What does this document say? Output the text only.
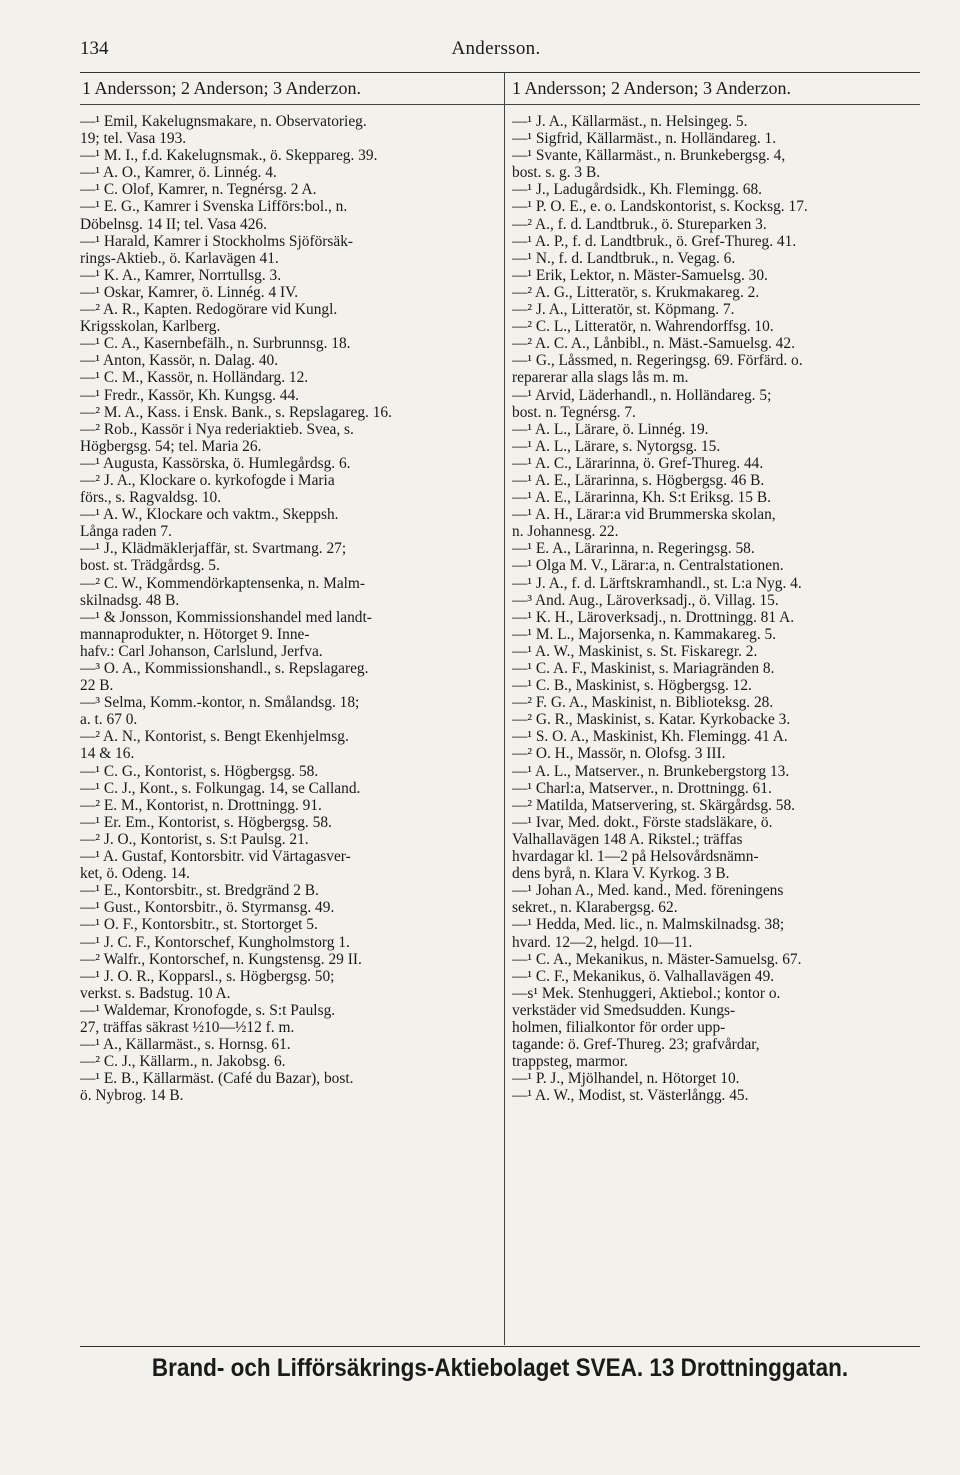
134	Andersson.
1 Andersson; 2 Anderson; 3 Anderzon.	1 Andersson; 2 Anderson; 3 Anderzon.
—¹ Emil, Kakelugnsmakare, n. Observatorieg.
19; tel. Vasa 193.
—¹ M. I., f.d. Kakelugnsmak., ö. Skeppareg. 39.
—¹ A. O., Kamrer, ö. Linnég. 4.
—¹ C. Olof, Kamrer, n. Tegnérsg. 2 A.
—¹ E. G., Kamrer i Svenska Lifförs:bol., n.
Döbelnsg. 14 II; tel. Vasa 426.
—¹ Harald, Kamrer i Stockholms Sjöförsäk-
rings-Aktieb., ö. Karlavägen 41.
—¹ K. A., Kamrer, Norrtullsg. 3.
—¹ Oskar, Kamrer, ö. Linnég. 4 IV.
—² A. R., Kapten. Redogörare vid Kungl.
Krigsskolan, Karlberg.
—¹ C. A., Kasernbefälh., n. Surbrunnsg. 18.
—¹ Anton, Kassör, n. Dalag. 40.
—¹ C. M., Kassör, n. Holländarg. 12.
—¹ Fredr., Kassör, Kh. Kungsg. 44.
—² M. A., Kass. i Ensk. Bank., s. Repslagareg. 16.
—² Rob., Kassör i Nya rederiaktieb. Svea, s.
Högbergsg. 54; tel. Maria 26.
—¹ Augusta, Kassörska, ö. Humlegårdsg. 6.
—² J. A., Klockare o. kyrkofogde i Maria
förs., s. Ragvaldsg. 10.
—¹ A. W., Klockare och vaktm., Skeppsh.
Långa raden 7.
—¹ J., Klädmäklerjaffär, st. Svartmang. 27;
bost. st. Trädgårdsg. 5.
—² C. W., Kommendörkaptensenka, n. Malm-
skilnadsg. 48 B.
—¹ & Jonsson, Kommissionshandel med landt-
mannaprodukter, n. Hötorget 9. Inne-
hafv.: Carl Johanson, Carlslund, Jerfva.
—³ O. A., Kommissionshandl., s. Repslagareg.
22 B.
—³ Selma, Komm.-kontor, n. Smålandsg. 18;
a. t. 67 0.
—² A. N., Kontorist, s. Bengt Ekenhjelmsg.
14 & 16.
—¹ C. G., Kontorist, s. Högbergsg. 58.
—¹ C. J., Kont., s. Folkungag. 14, se Calland.
—² E. M., Kontorist, n. Drottningg. 91.
—¹ Er. Em., Kontorist, s. Högbergsg. 58.
—² J. O., Kontorist, s. S:t Paulsg. 21.
—¹ A. Gustaf, Kontorsbitr. vid Värtagasver-
ket, ö. Odeng. 14.
—¹ E., Kontorsbitr., st. Bredgränd 2 B.
—¹ Gust., Kontorsbitr., ö. Styrmansg. 49.
—¹ O. F., Kontorsbitr., st. Stortorget 5.
—¹ J. C. F., Kontorschef, Kungholmstorg 1.
—² Walfr., Kontorschef, n. Kungstensg. 29 II.
—¹ J. O. R., Kopparsl., s. Högbergsg. 50;
verkst. s. Badstug. 10 A.
—¹ Waldemar, Kronofogde, s. S:t Paulsg.
27, träffas säkrast ½10—½12 f. m.
—¹ A., Källarmäst., s. Hornsg. 61.
—² C. J., Källarm., n. Jakobsg. 6.
—¹ E. B., Källarmäst. (Café du Bazar), bost.
ö. Nybrog. 14 B.
—¹ J. A., Källarmäst., n. Helsingeg. 5.
—¹ Sigfrid, Källarmäst., n. Holländareg. 1.
—¹ Svante, Källarmäst., n. Brunkebergsg. 4,
bost. s. g. 3 B.
—¹ J., Ladugårdsidk., Kh. Flemingg. 68.
—¹ P. O. E., e. o. Landskontorist, s. Kocksg. 17.
—² A., f. d. Landtbruk., ö. Stureparken 3.
—¹ A. P., f. d. Landtbruk., ö. Gref-Thureg. 41.
—¹ N., f. d. Landtbruk., n. Vegag. 6.
—¹ Erik, Lektor, n. Mäster-Samuelsg. 30.
—² A. G., Litteratör, s. Krukmakareg. 2.
—² J. A., Litteratör, st. Köpmang. 7.
—² C. L., Litteratör, n. Wahrendorffsg. 10.
—² A. C. A., Lånbibl., n. Mäst.-Samuelsg. 42.
—¹ G., Låssmed, n. Regeringsg. 69. Förfärd. o.
reparerar alla slags lås m. m.
—¹ Arvid, Läderhandl., n. Holländareg. 5;
bost. n. Tegnérsg. 7.
—¹ A. L., Lärare, ö. Linnég. 19.
—¹ A. L., Lärare, s. Nytorgsg. 15.
—¹ A. C., Lärarinna, ö. Gref-Thureg. 44.
—¹ A. E., Lärarinna, s. Högbergsg. 46 B.
—¹ A. E., Lärarinna, Kh. S:t Eriksg. 15 B.
—¹ A. H., Lärar:a vid Brummerska skolan,
n. Johannesg. 22.
—¹ E. A., Lärarinna, n. Regeringsg. 58.
—¹ Olga M. V., Lärar:a, n. Centralstationen.
—¹ J. A., f. d. Lärftskramhandl., st. L:a Nyg. 4.
—³ And. Aug., Läroverksadj., ö. Villag. 15.
—¹ K. H., Läroverksadj., n. Drottningg. 81 A.
—¹ M. L., Majorsenka, n. Kammakareg. 5.
—¹ A. W., Maskinist, s. St. Fiskaregr. 2.
—¹ C. A. F., Maskinist, s. Mariagränden 8.
—¹ C. B., Maskinist, s. Högbergsg. 12.
—² F. G. A., Maskinist, n. Biblioteksg. 28.
—² G. R., Maskinist, s. Katar. Kyrkobacke 3.
—¹ S. O. A., Maskinist, Kh. Flemingg. 41 A.
—² O. H., Massör, n. Olofsg. 3 III.
—¹ A. L., Matserver., n. Brunkebergstorg 13.
—¹ Charl:a, Matserver., n. Drottningg. 61.
—² Matilda, Matservering, st. Skärgårdsg. 58.
—¹ Ivar, Med. dokt., Förste stadsläkare, ö.
Valhallavägen 148 A. Rikstel.; träffas
hvardagar kl. 1—2 på Helsovårdsnämn-
dens byrå, n. Klara V. Kyrkog. 3 B.
—¹ Johan A., Med. kand., Med. föreningens
sekret., n. Klarabergsg. 62.
—¹ Hedda, Med. lic., n. Malmskilnadsg. 38;
hvard. 12—2, helgd. 10—11.
—¹ C. A., Mekanikus, n. Mäster-Samuelsg. 67.
—¹ C. F., Mekanikus, ö. Valhallavägen 49.
—s¹ Mek. Stenhuggeri, Aktiebol.; kontor o.
verkstäder vid Smedsudden. Kungs-
holmen, filialkontor för order upp-
tagande: ö. Gref-Thureg. 23; grafvårdar,
trappsteg, marmor.
—¹ P. J., Mjölhandel, n. Hötorget 10.
—¹ A. W., Modist, st. Västerlångg. 45.
Brand- och Lifförsäkrings-Aktiebolaget SVEA. 13 Drottninggatan.
